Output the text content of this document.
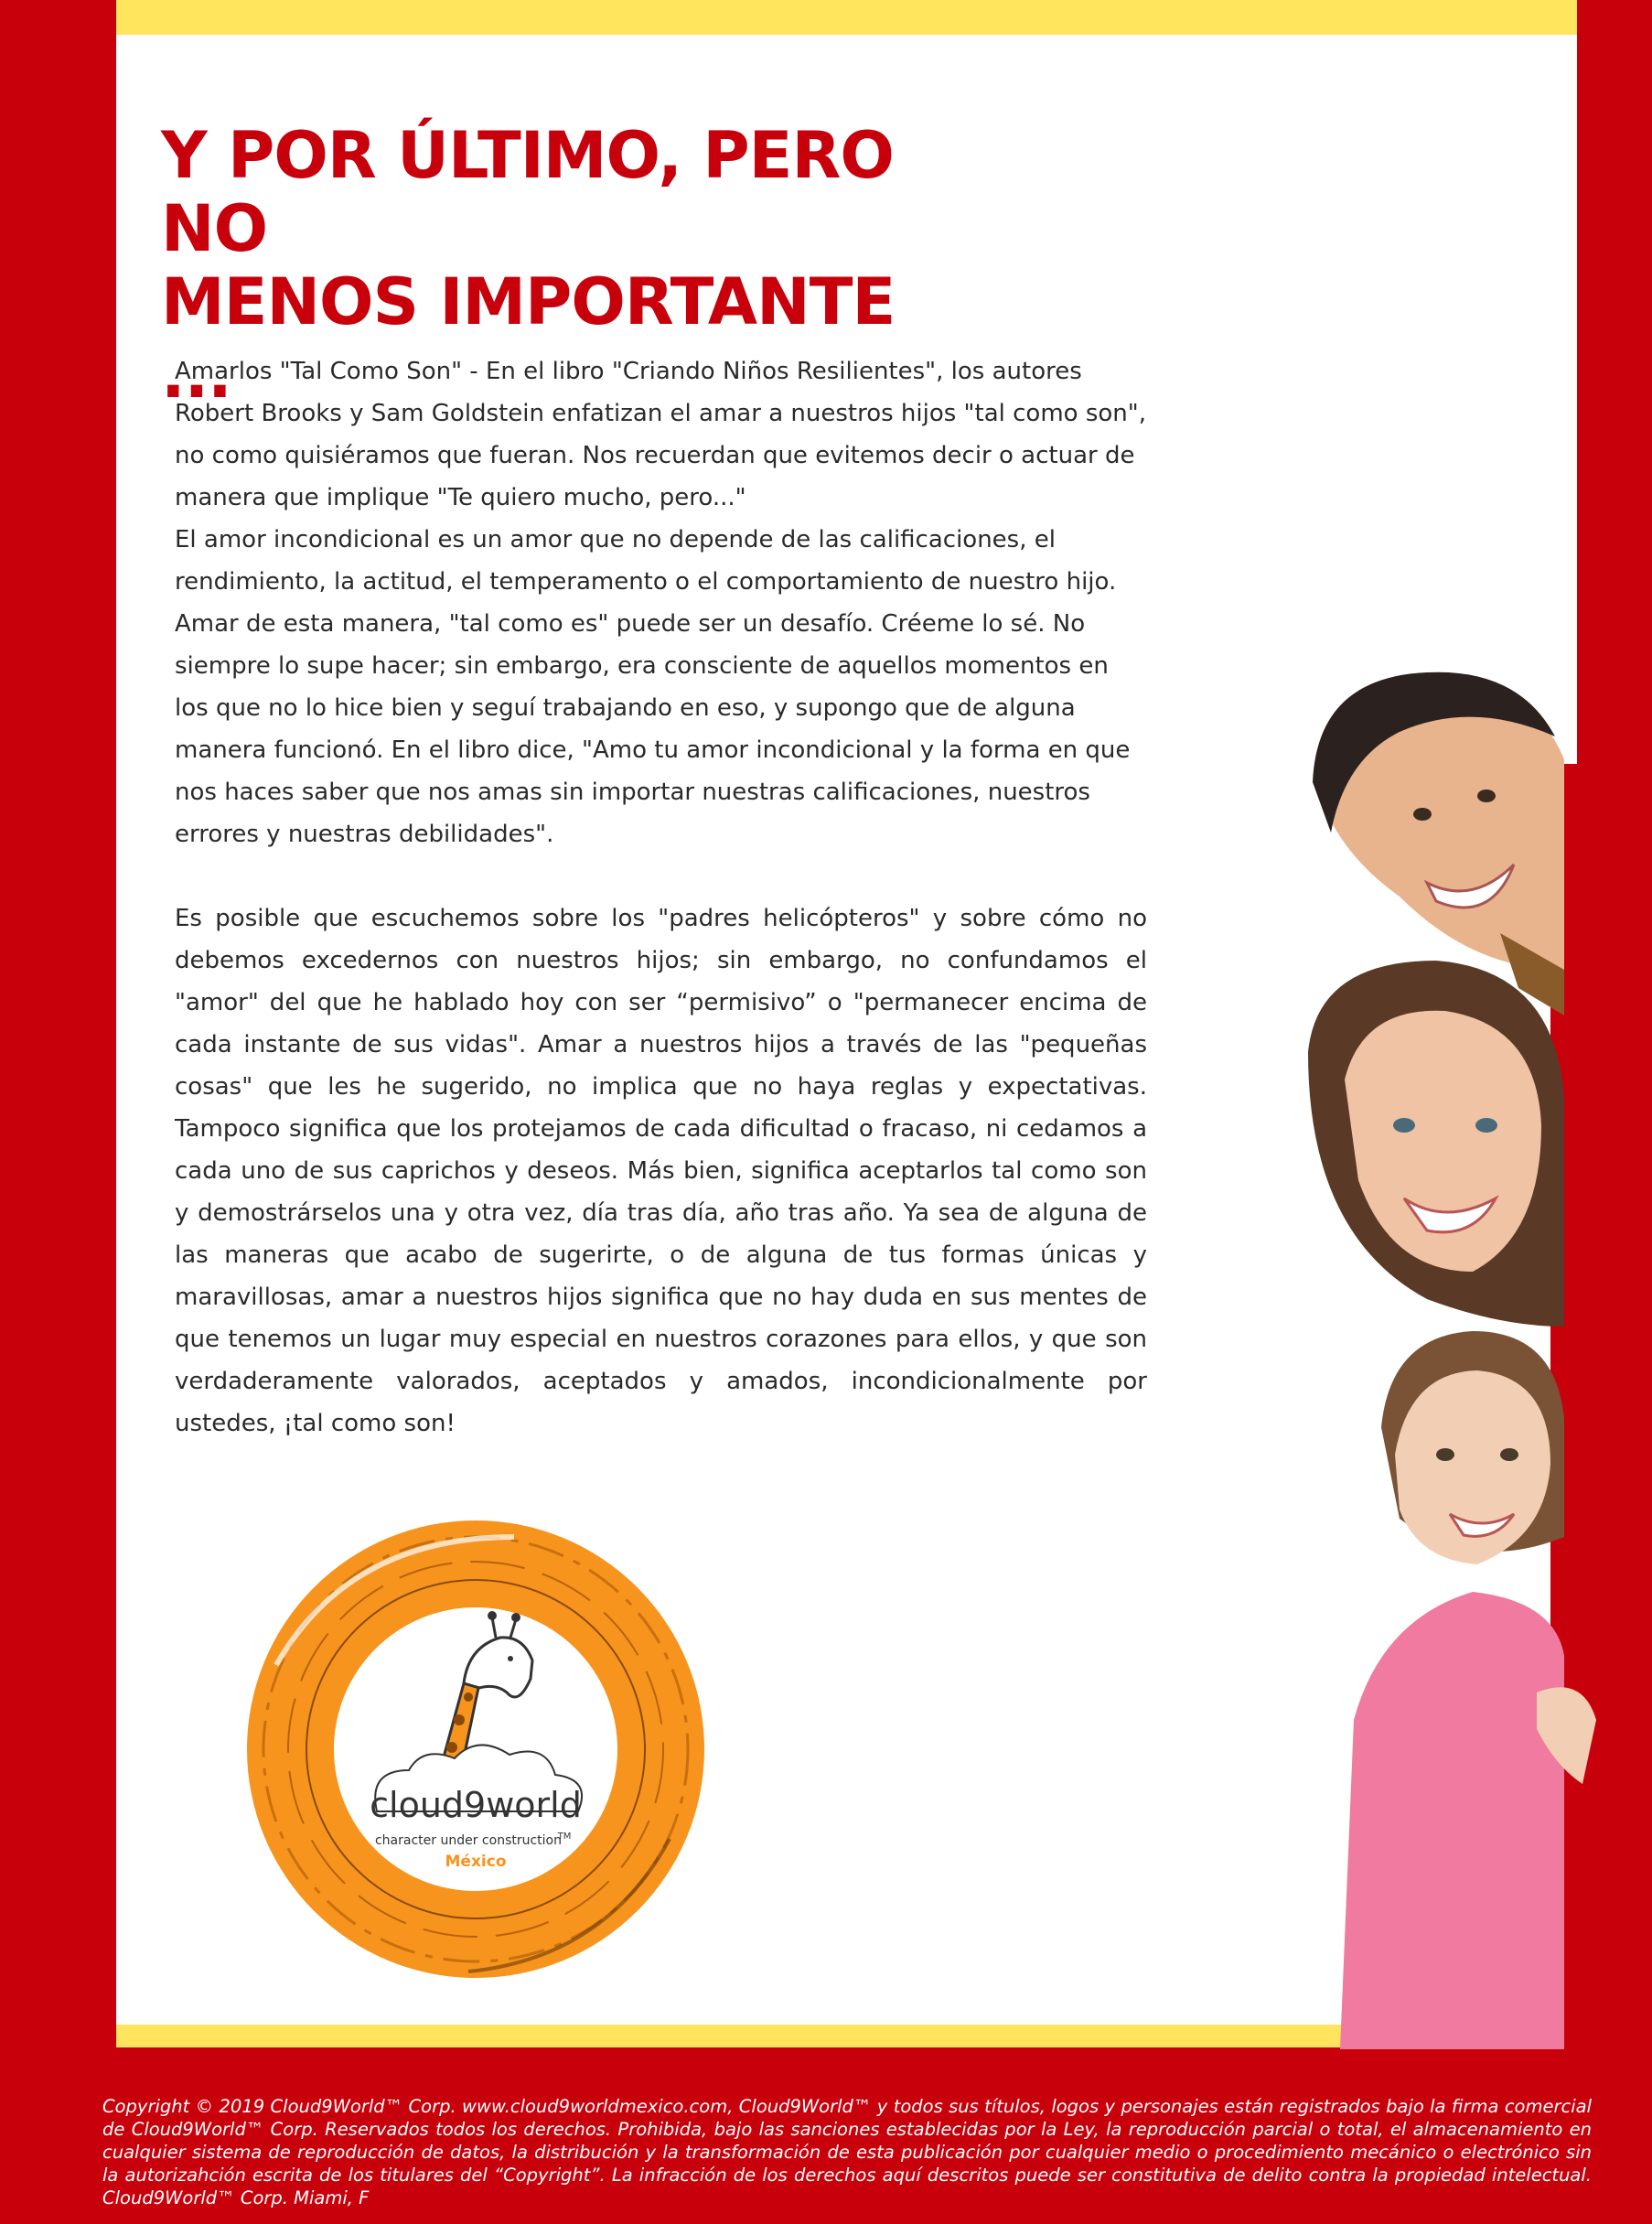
Y POR ÚLTIMO, PERO NO
MENOS IMPORTANTE ...

Amarlos "Tal Como Son" - En el libro "Criando Niños Resilientes", los autores Robert Brooks y Sam Goldstein enfatizan el amar a nuestros hijos "tal como son", no como quisiéramos que fueran. Nos recuerdan que evitemos decir o actuar de manera que implique "Te quiero mucho, pero..."

El amor incondicional es un amor que no depende de las calificaciones, el rendimiento, la actitud, el temperamento o el comportamiento de nuestro hijo. Amar de esta manera, "tal como es" puede ser un desafío. Créeme lo sé. No siempre lo supe hacer; sin embargo, era consciente de aquellos momentos en los que no lo hice bien y seguí trabajando en eso, y supongo que de alguna manera funcionó. En el libro dice, "Amo tu amor incondicional y la forma en que nos haces saber que nos amas sin importar nuestras calificaciones, nuestros errores y nuestras debilidades".

Es posible que escuchemos sobre los "padres helicópteros" y sobre cómo no debemos excedernos con nuestros hijos; sin embargo, no confundamos el "amor" del que he hablado hoy con ser “permisivo” o "permanecer encima de cada instante de sus vidas". Amar a nuestros hijos a través de las "pequeñas cosas" que les he sugerido, no implica que no haya reglas y expectativas. Tampoco significa que los protejamos de cada dificultad o fracaso, ni cedamos a cada uno de sus caprichos y deseos. Más bien, significa aceptarlos tal como son y demostrárselos una y otra vez, día tras día, año tras año. Ya sea de alguna de las maneras que acabo de sugerirte, o de alguna de tus formas únicas y maravillosas, amar a nuestros hijos significa que no hay duda en sus mentes de que tenemos un lugar muy especial en nuestros corazones para ellos, y que son verdaderamente valorados, aceptados y amados, incondicionalmente por ustedes, ¡tal como son!

cloud9world
character under construction
TM
México

Copyright © 2019 Cloud9World™ Corp. www.cloud9worldmexico.com, Cloud9World™ y todos sus títulos, logos y personajes están registrados bajo la firma comercial de Cloud9World™ Corp. Reservados todos los derechos. Prohibida, bajo las sanciones establecidas por la Ley, la reproducción parcial o total, el almacenamiento en cualquier sistema de reproducción de datos, la distribución y la transformación de esta publicación por cualquier medio o procedimiento mecánico o electrónico sin la autorizahción escrita de los titulares del “Copyright”. La infracción de los derechos aquí descritos puede ser constitutiva de delito contra la propiedad intelectual. Cloud9World™ Corp. Miami, F
